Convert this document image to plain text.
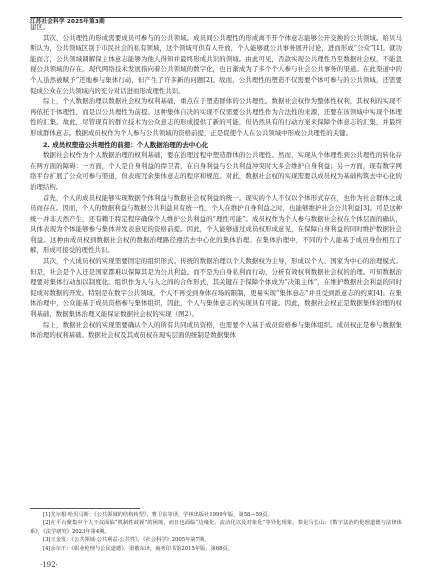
江苏社会科学 2025年第3期

建区。

其次，公共理性的形成需要成员可参与的公共领域。成员间公共理性的形成离不开个体意志能够公开交换的公共领域。哈贝马斯认为，公共领域区别于市民社会的私有领域，这个领域可供有人开放，个人能够就公共事务展开讨论，进而形成“公众”[1]。就功能而言，公共领域调解保主体意志能够为他人得知并最终形成共识的领域。由此可见，否款实现公共理性乃至数据社会权，不能忽视公共领域的存在。现代网络技术发展指向着公共领域的数字化，也日渐成为了多个个人参与社会公共事务的渠道。在此渠道中的个人虽然被赋予“还地参与集体行动，但产生了许多新的问题[2]。故而，公共理性的塑造不仅需要个体可参与的公共领域，还需要促成公众在公共领域内的充分对话进而形成理性共识。

综上，个人数据治理以数据社会权为权利基础，重点在于塑造群体的公共理性。数据社会权作为整体性权利，其权利的实现不再依托于体理性，而是以公共理性为前提。这种集体自决的实现不仅需要公共理性作为合法性的来源，还要在该领域中实现个体理性的汇集。故此，尽管现有的群立技术为公众意志的形成提供了新的可能，但仍然具有的行动方案来保障个体意志的汇集，并最终形成群体意志。数据成员权作为个人参与公共领域的资格前提，正是促使个人在公共领域中形成公共理性的关键。

2. 成员权塑造公共理性的前提：个人数据治理的去中心化

数据社会权作为个人数据治理的权利基础，要在治理过程中塑造群体的公共理性。然而，实现从个体理性到公共理性的转化存在两方面的障碍：一方面，个人是自身利益的捍卫者，在自身利益与公共利益冲突时大多会维护自身利益；另一方面，现有数字网络平台扩展了公众可参与渠道，但表现冗余集体意志的程序和规范。对此，数据社会权的实现需要以成员权为基础构筑去中心化的治理结构。

首先，个人的成员权能够实现数据个体利益与数据社会权利益的统一。现实的个人不仅以个体形式存在，也作为社会群体之成员而存在。因而，个人的数据利益与数据公共利益具有统一性，个人在维护自身利益之时，也能够维护社会公共利益[3]。可是这种统一并非天然产生，还有赖于特定程序确保个人维护公共利益的“理性可能”。成员权作为个人参与数据社会权在个体层面的确认，具体表现为个体能够参与集体并发表意见的资格前提。因此，个人能够通过成员权形成意见，在保障自身利益的同时维护数据社会利益。这种由成员权到数据社会权的数据治理路径遵活去中心化的集体治理。在集体治理中，不同的个人能基于成员身份相互了解，形成可接受的理性共识。

其次，个人成员权的实现需要固定的组织形式。传统的数据治理以个人数据权为主导，形成以个人、国家为中心的治理模式。但是，社会是个人还是国家都难以保障其是为公共利益。而不是为自身私利而行动，分析有效权利数据社会权的治理。可知数据治理要对集体行动加以制度化。组织作为人与人之间的合作形式，其关键在于保障个体成为“决策主体”，在维护数据社会利益的同时促成对数据的开发。特别是在数字公共领域，个人不再受到身体在场的限制，更易实现“集体意志”并且受到派意志的约束[4]。在集体治理中，公众能基于成员资格参与集体组织，因此，个人与集体意志的实现具有可能。因此，数据社会权正是数据集体治理的权利基础，数据集体治理又能保证数据社会权的实现（图2）。

综上，数据社会权的实现需要确认个人的所有共同成员资格，也需要个人基于成员资格参与集体组织。成员权正是参与数据集体治理的权利基础。数据社会权及其成员权在现实层面的统制是数据集体

[1]尤尔根·哈贝马斯：《公共领域的结构转型》，曹卫东等译，学林出版社1999年版，第58—59页。

[2]在平台聚集中个人不仅面临“机制性歧视”的困境，而且也面临“边缘化、流动化以及对象化”等异化现象。参见马长山：《数字法治的伦理道德与法律体系》，《法学研究》2023年第4期。

[3]王金发：《公共领域·公共利益·公共性》，《社会科学》2005年第7期。

[4]余尔千：《职业伦理与公民道德》，渠敬东译，商务印书馆2015年版，第68页。

·192·
